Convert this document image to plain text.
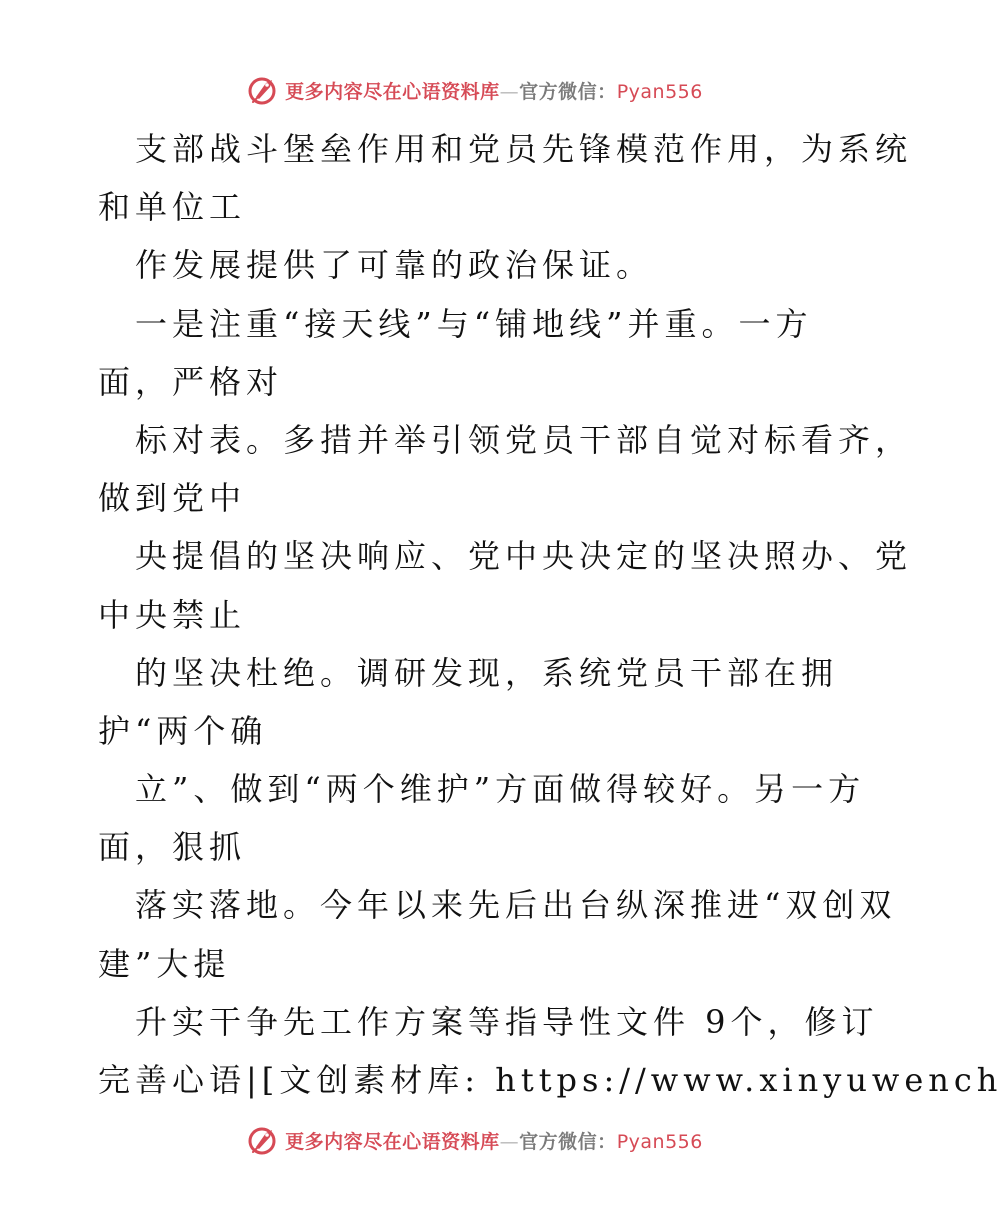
更多内容尽在心语资料库—官方微信：Pyan556
支部战斗堡垒作用和党员先锋模范作用，为系统
和单位工
作发展提供了可靠的政治保证。
一是注重“接天线”与“铺地线”并重。一方
面，严格对
标对表。多措并举引领党员干部自觉对标看齐，
做到党中
央提倡的坚决响应、党中央决定的坚决照办、党
中央禁止
的坚决杜绝。调研发现，系统党员干部在拥
护“两个确
立”、做到“两个维护”方面做得较好。另一方
面，狠抓
落实落地。今年以来先后出台纵深推进“双创双
建”大提
升实干争先工作方案等指导性文件 9个，修订
完善心语|[文创素材库: https://www.xinyuwench
更多内容尽在心语资料库—官方微信：Pyan556
